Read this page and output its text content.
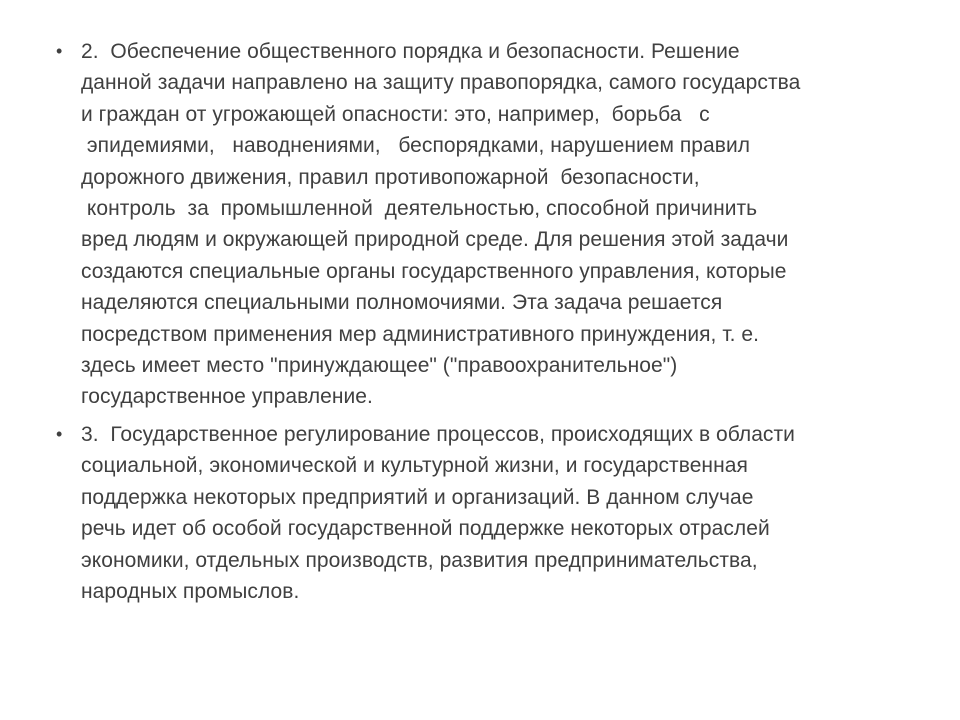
• 2.  Обеспечение общественного порядка и безопасности. Решение
данной задачи направлено на защиту правопорядка, самого государства
и граждан от угрожающей опасности: это, например,  борьба   с
эпидемиями,   наводнениями,   беспорядками, нарушением правил
дорожного движения, правил противопожарной  безопасности,
контроль  за  промышленной  деятельностью, способной причинить
вред людям и окружающей природной среде. Для решения этой задачи
создаются специальные органы государственного управления, которые
наделяются специальными полномочиями. Эта задача решается
посредством применения мер административного принуждения, т. е.
здесь имеет место "принуждающее" ("правоохранительное")
государственное управление.
• 3.  Государственное регулирование процессов, происходящих в области
социальной, экономической и культурной жизни, и государственная
поддержка некоторых предприятий и организаций. В данном случае
речь идет об особой государственной поддержке некоторых отраслей
экономики, отдельных производств, развития предпринимательства,
народных промыслов.
